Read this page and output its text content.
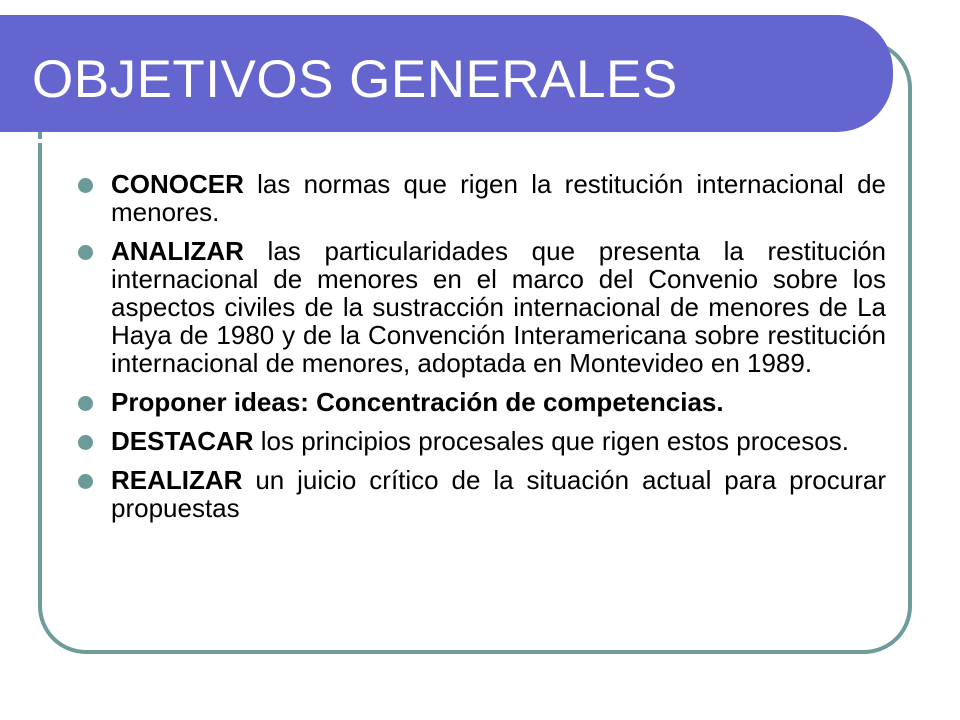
OBJETIVOS GENERALES
CONOCER las normas que rigen la restitución internacional de menores.
ANALIZAR las particularidades que presenta la restitución internacional de menores en el marco del Convenio sobre los aspectos civiles de la sustracción internacional de menores de La Haya de 1980 y de la Convención Interamericana sobre restitución internacional de menores, adoptada en Montevideo en 1989.
Proponer ideas: Concentración de competencias.
DESTACAR los principios procesales que rigen estos procesos.
REALIZAR un juicio crítico de la situación actual para procurar propuestas
